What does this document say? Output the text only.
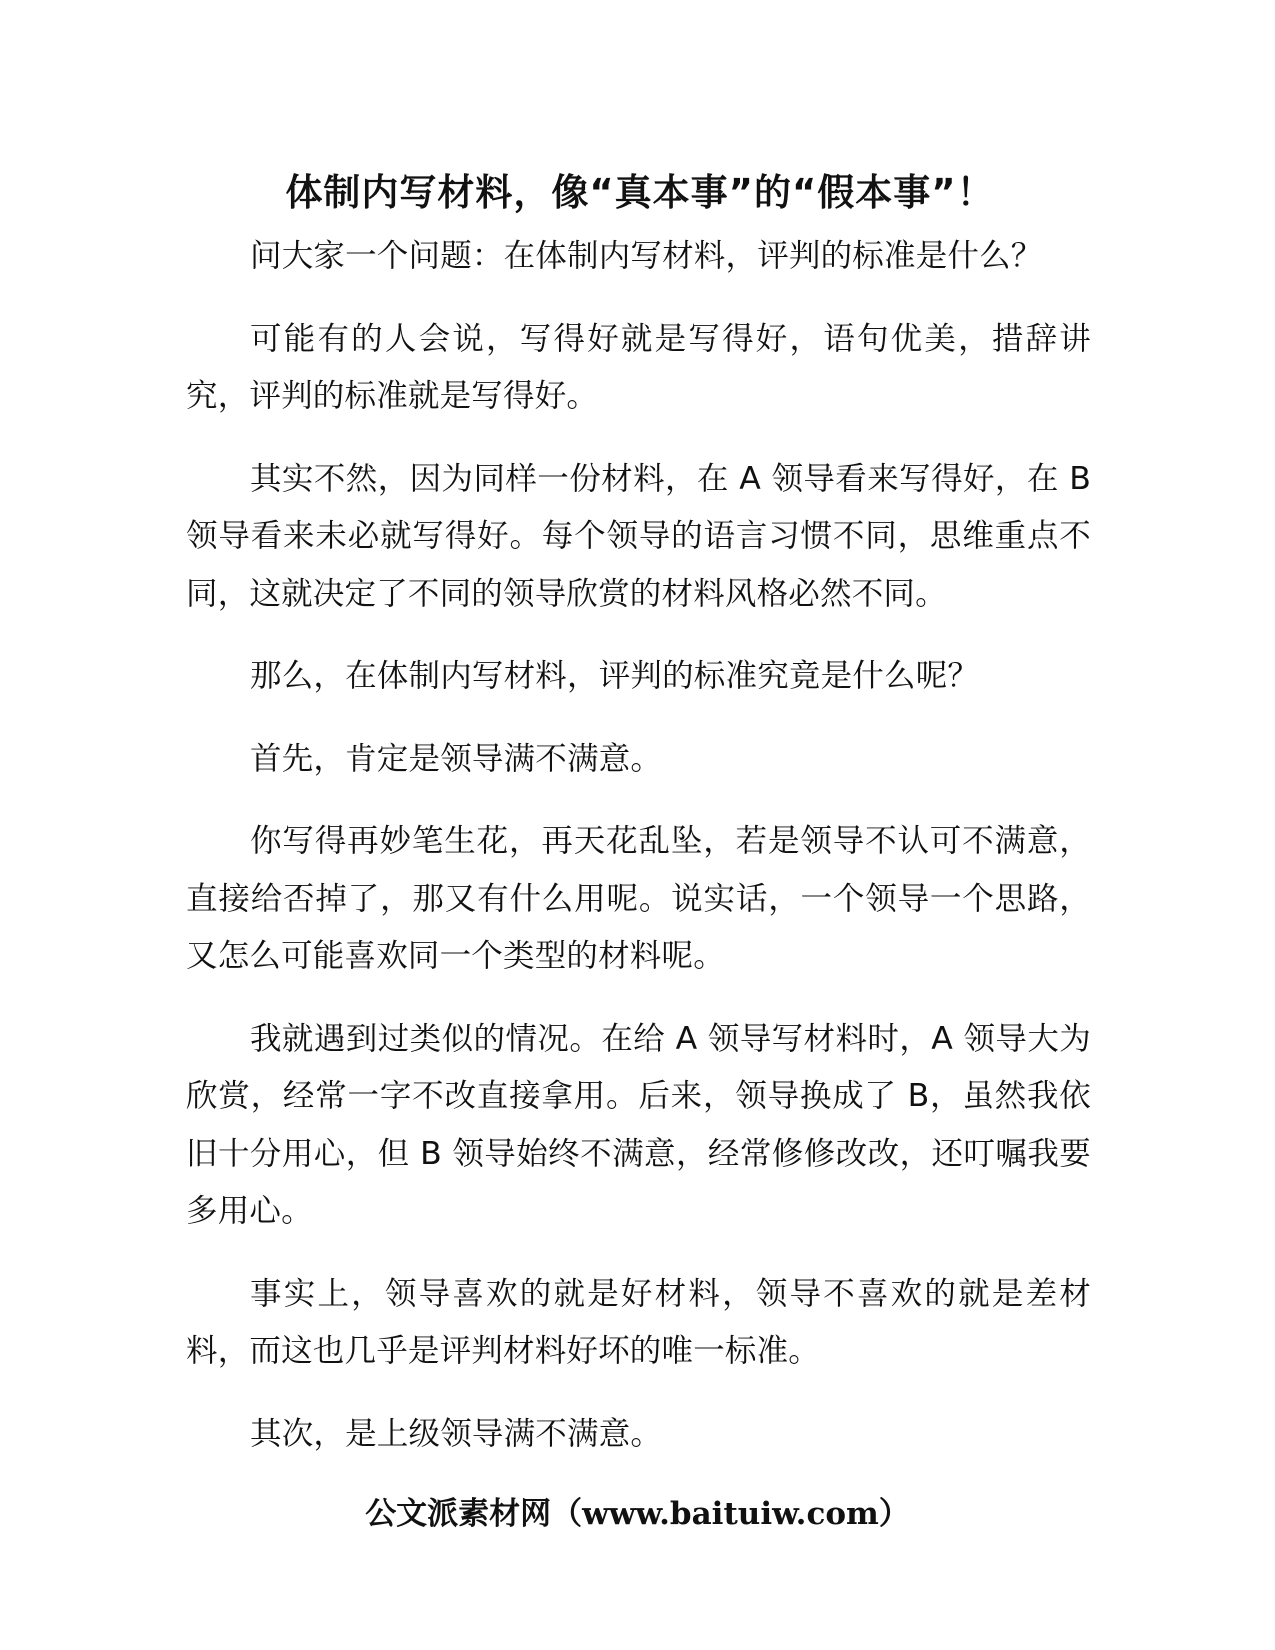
体制内写材料，像“真本事”的“假本事”！

问大家一个问题：在体制内写材料，评判的标准是什么？

可能有的人会说，写得好就是写得好，语句优美，措辞讲究，评判的标准就是写得好。

其实不然，因为同样一份材料，在 A 领导看来写得好，在 B 领导看来未必就写得好。每个领导的语言习惯不同，思维重点不同，这就决定了不同的领导欣赏的材料风格必然不同。

那么，在体制内写材料，评判的标准究竟是什么呢？

首先，肯定是领导满不满意。

你写得再妙笔生花，再天花乱坠，若是领导不认可不满意，直接给否掉了，那又有什么用呢。说实话，一个领导一个思路，又怎么可能喜欢同一个类型的材料呢。

我就遇到过类似的情况。在给 A 领导写材料时，A 领导大为欣赏，经常一字不改直接拿用。后来，领导换成了 B，虽然我依旧十分用心，但 B 领导始终不满意，经常修修改改，还叮嘱我要多用心。

事实上，领导喜欢的就是好材料，领导不喜欢的就是差材料，而这也几乎是评判材料好坏的唯一标准。

其次，是上级领导满不满意。

公文派素材网（www.baituiw.com）
